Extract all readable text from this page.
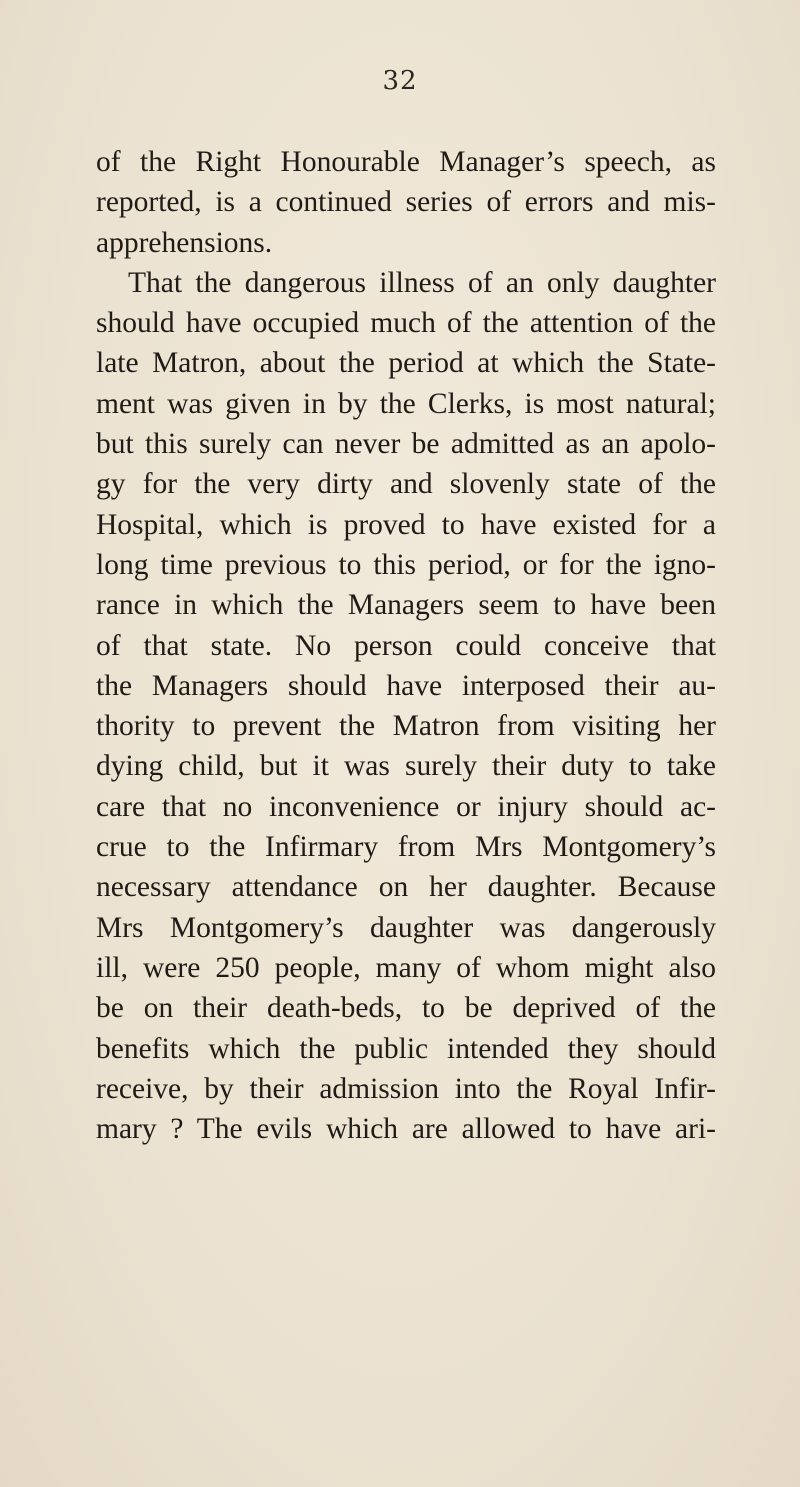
32
of the Right Honourable Manager’s speech, as
reported, is a continued series of errors and mis-
apprehensions.
That the dangerous illness of an only daughter
should have occupied much of the attention of the
late Matron, about the period at which the State-
ment was given in by the Clerks, is most natural;
but this surely can never be admitted as an apolo-
gy for the very dirty and slovenly state of the
Hospital, which is proved to have existed for a
long time previous to this period, or for the igno-
rance in which the Managers seem to have been
of that state. No person could conceive that
the Managers should have interposed their au-
thority to prevent the Matron from visiting her
dying child, but it was surely their duty to take
care that no inconvenience or injury should ac-
crue to the Infirmary from Mrs Montgomery’s
necessary attendance on her daughter. Because
Mrs Montgomery’s daughter was dangerously
ill, were 250 people, many of whom might also
be on their death-beds, to be deprived of the
benefits which the public intended they should
receive, by their admission into the Royal Infir-
mary ? The evils which are allowed to have ari-
